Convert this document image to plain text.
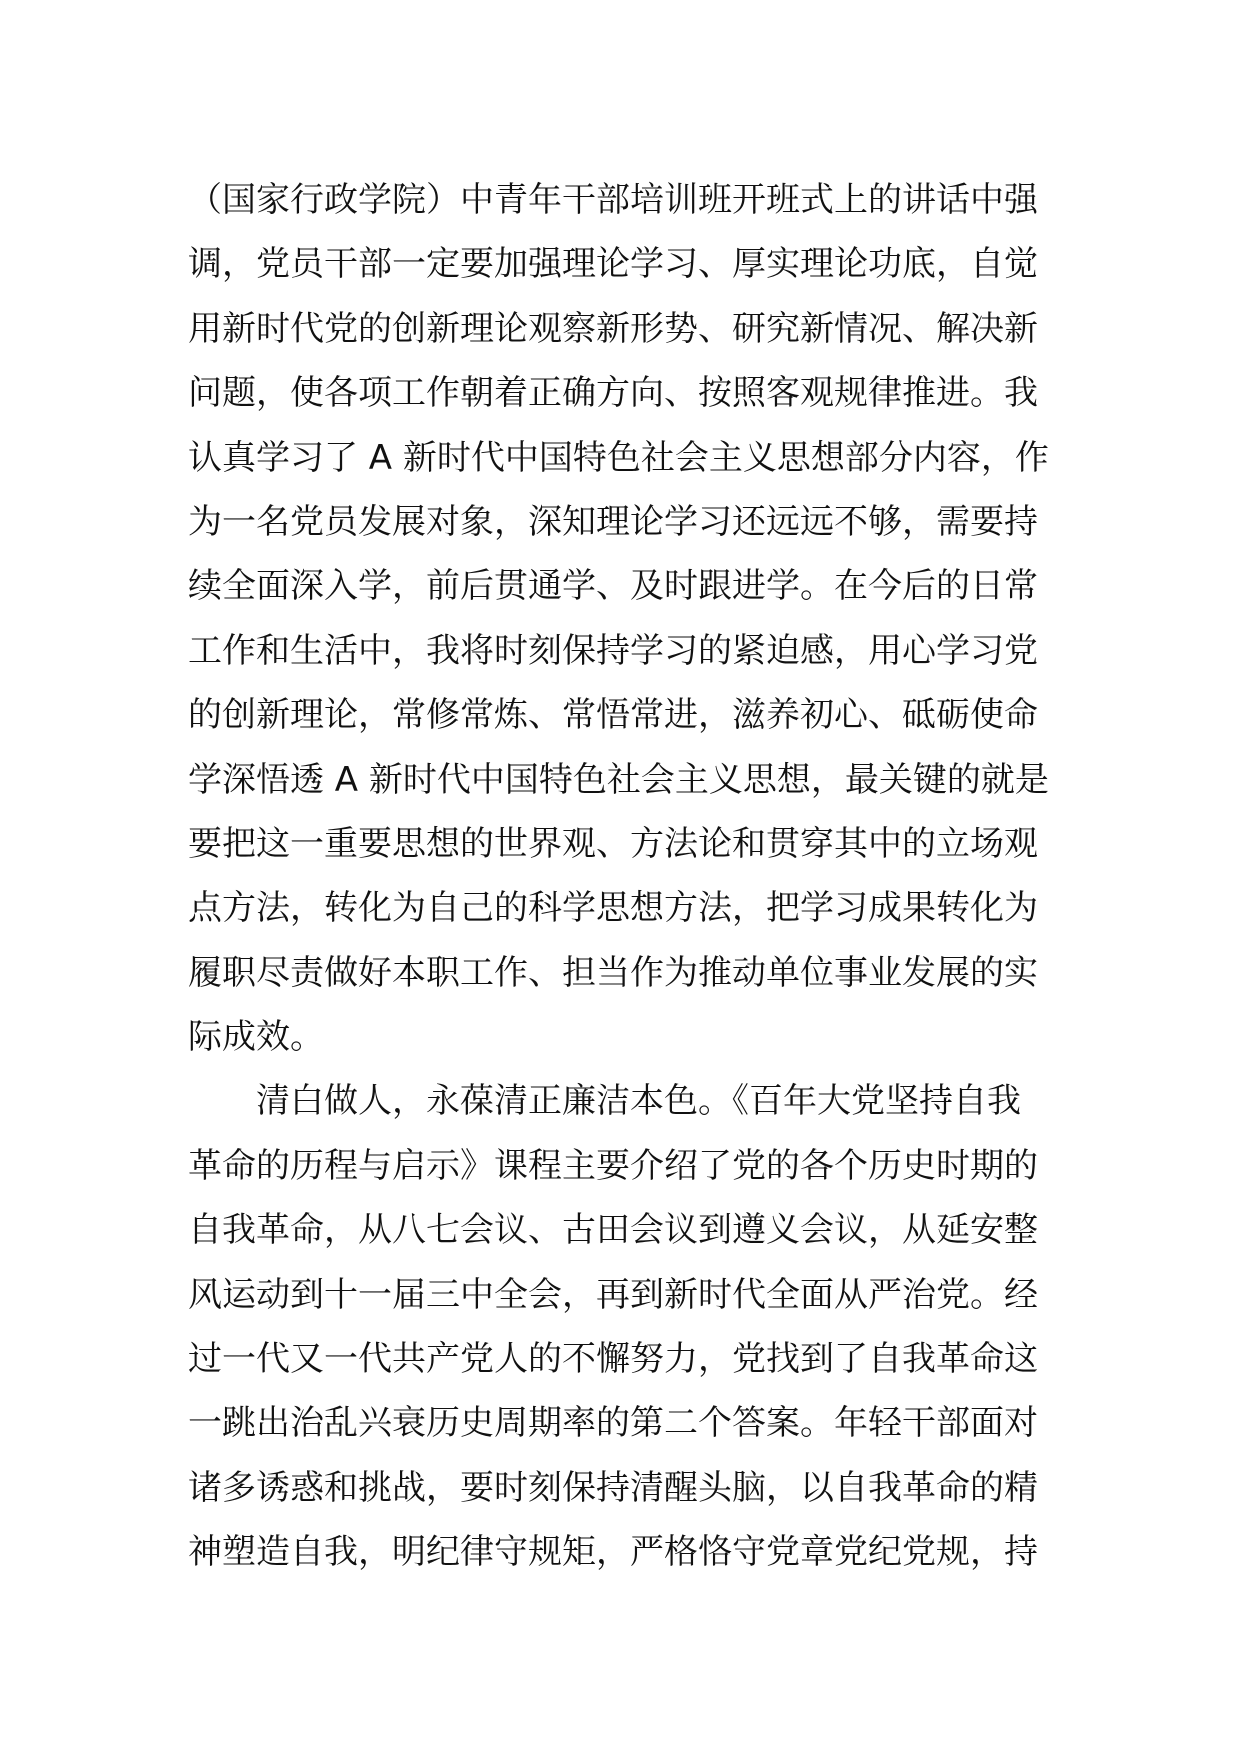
（国家行政学院）中青年干部培训班开班式上的讲话中强
调，党员干部一定要加强理论学习、厚实理论功底，自觉
用新时代党的创新理论观察新形势、研究新情况、解决新
问题，使各项工作朝着正确方向、按照客观规律推进。我
认真学习了 A 新时代中国特色社会主义思想部分内容，作
为一名党员发展对象，深知理论学习还远远不够，需要持
续全面深入学，前后贯通学、及时跟进学。在今后的日常
工作和生活中，我将时刻保持学习的紧迫感，用心学习党
的创新理论，常修常炼、常悟常进，滋养初心、砥砺使命
学深悟透 A 新时代中国特色社会主义思想，最关键的就是
要把这一重要思想的世界观、方法论和贯穿其中的立场观
点方法，转化为自己的科学思想方法，把学习成果转化为
履职尽责做好本职工作、担当作为推动单位事业发展的实
际成效。
　　清白做人，永葆清正廉洁本色。《百年大党坚持自我
革命的历程与启示》课程主要介绍了党的各个历史时期的
自我革命，从八七会议、古田会议到遵义会议，从延安整
风运动到十一届三中全会，再到新时代全面从严治党。经
过一代又一代共产党人的不懈努力，党找到了自我革命这
一跳出治乱兴衰历史周期率的第二个答案。年轻干部面对
诸多诱惑和挑战，要时刻保持清醒头脑，以自我革命的精
神塑造自我，明纪律守规矩，严格恪守党章党纪党规，持
